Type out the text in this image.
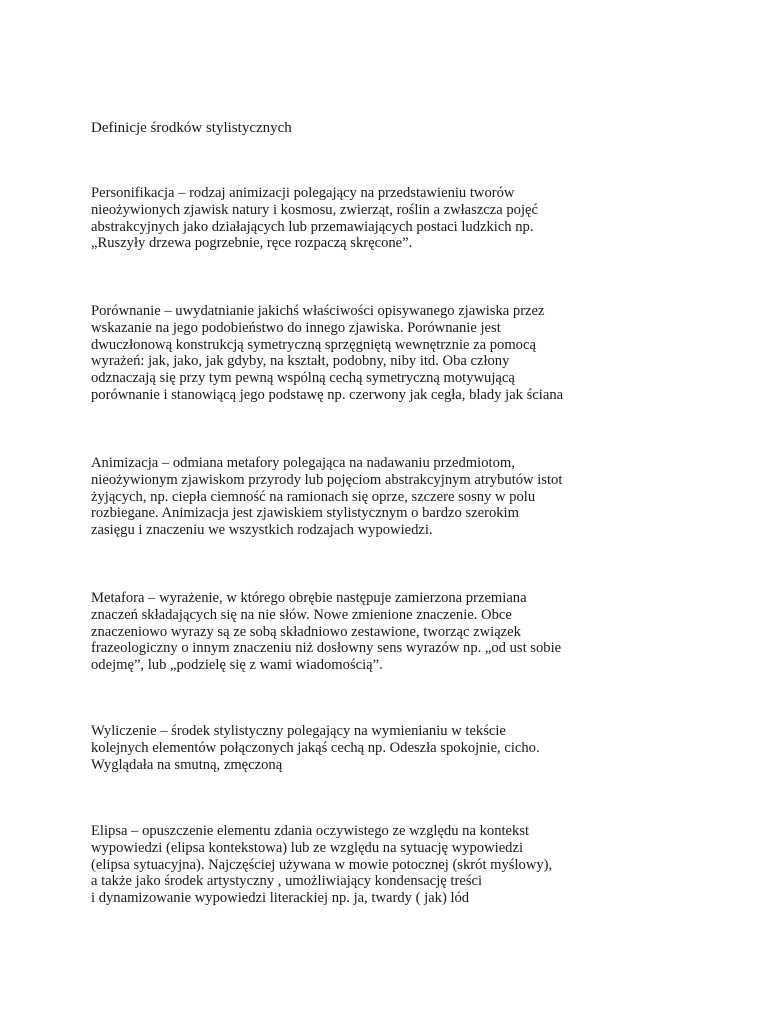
Definicje środków stylistycznych
Personifikacja – rodzaj animizacji polegający na przedstawieniu tworów
nieożywionych zjawisk natury i kosmosu, zwierząt, roślin a zwłaszcza pojęć
abstrakcyjnych jako działających lub przemawiających postaci ludzkich np.
„Ruszyły drzewa pogrzebnie, ręce rozpaczą skręcone”.
Porównanie – uwydatnianie jakichś właściwości opisywanego zjawiska przez
wskazanie na jego podobieństwo do innego zjawiska. Porównanie jest
dwuczłonową konstrukcją symetryczną sprzęgniętą wewnętrznie za pomocą
wyrażeń: jak, jako, jak gdyby, na kształt, podobny, niby itd. Oba człony
odznaczają się przy tym pewną wspólną cechą symetryczną motywującą
porównanie i stanowiącą jego podstawę np. czerwony jak cegła, blady jak ściana
Animizacja – odmiana metafory polegająca na nadawaniu przedmiotom,
nieożywionym zjawiskom przyrody lub pojęciom abstrakcyjnym atrybutów istot
żyjących, np. ciepła ciemność na ramionach się oprze, szczere sosny w polu
rozbiegane. Animizacja jest zjawiskiem stylistycznym o bardzo szerokim
zasięgu i znaczeniu we wszystkich rodzajach wypowiedzi.
Metafora – wyrażenie, w którego obrębie następuje zamierzona przemiana
znaczeń składających się na nie słów. Nowe zmienione znaczenie. Obce
znaczeniowo wyrazy są ze sobą składniowo zestawione, tworząc związek
frazeologiczny o innym znaczeniu niż dosłowny sens wyrazów np. „od ust sobie
odejmę”, lub „podzielę się z wami wiadomością”.
Wyliczenie – środek stylistyczny polegający na wymienianiu w tekście
kolejnych elementów połączonych jakąś cechą np. Odeszła spokojnie, cicho.
Wyglądała na smutną, zmęczoną
Elipsa – opuszczenie elementu zdania oczywistego ze względu na kontekst
wypowiedzi (elipsa kontekstowa) lub ze względu na sytuację wypowiedzi
(elipsa sytuacyjna). Najczęściej używana w mowie potocznej (skrót myślowy),
a także jako środek artystyczny , umożliwiający kondensację treści
i dynamizowanie wypowiedzi literackiej np. ja, twardy ( jak) lód
